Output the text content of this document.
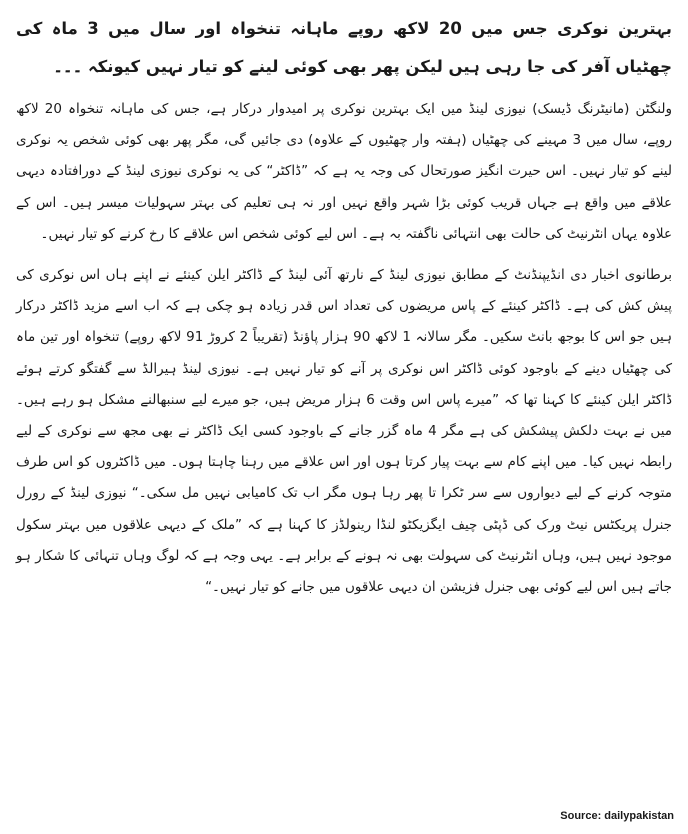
بہترین نوکری جس میں 20 لاکھ روپے ماہانہ تنخواہ اور سال میں 3 ماہ کی چھٹیاں آفر کی جا رہی ہیں لیکن پھر بھی کوئی لینے کو تیار نہیں کیونکہ ۔۔۔

ولنگٹن (مانیٹرنگ ڈیسک) نیوزی لینڈ میں ایک بہترین نوکری پر امیدوار درکار ہے، جس کی ماہانہ تنخواہ 20 لاکھ روپے، سال میں 3 مہینے کی چھٹیاں (ہفتہ وار چھٹیوں کے علاوہ) دی جائیں گی، مگر پھر بھی کوئی شخص یہ نوکری لینے کو تیار نہیں۔ اس حیرت انگیز صورتحال کی وجہ یہ ہے کہ ”ڈاکٹر“ کی یہ نوکری نیوزی لینڈ کے دورافتادہ دیہی علاقے میں واقع ہے جہاں قریب کوئی بڑا شہر واقع نہیں اور نہ ہی تعلیم کی بہتر سہولیات میسر ہیں۔ اس کے علاوہ یہاں انٹرنیٹ کی حالت بھی انتہائی ناگفتہ بہ ہے۔ اس لیے کوئی شخص اس علاقے کا رخ کرنے کو تیار نہیں۔

برطانوی اخبار دی انڈیپنڈنٹ کے مطابق نیوزی لینڈ کے نارتھ آئی لینڈ کے ڈاکٹر ایلن کینئے نے اپنے ہاں اس نوکری کی پیش کش کی ہے۔ ڈاکٹر کینئے کے پاس مریضوں کی تعداد اس قدر زیادہ ہو چکی ہے کہ اب اسے مزید ڈاکٹر درکار ہیں جو اس کا بوجھ بانٹ سکیں۔ مگر سالانہ 1 لاکھ 90 ہزار پاؤنڈ (تقریباً 2 کروڑ 91 لاکھ روپے) تنخواہ اور تین ماہ کی چھٹیاں دینے کے باوجود کوئی ڈاکٹر اس نوکری پر آنے کو تیار نہیں ہے۔ نیوزی لینڈ ہیرالڈ سے گفتگو کرتے ہوئے ڈاکٹر ایلن کینئے کا کہنا تھا کہ ”میرے پاس اس وقت 6 ہزار مریض ہیں، جو میرے لیے سنبھالنے مشکل ہو رہے ہیں۔ میں نے بہت دلکش پیشکش کی ہے مگر 4 ماہ گزر جانے کے باوجود کسی ایک ڈاکٹر نے بھی مجھ سے نوکری کے لیے رابطہ نہیں کیا۔ میں اپنے کام سے بہت پیار کرتا ہوں اور اس علاقے میں رہنا چاہتا ہوں۔ میں ڈاکٹروں کو اس طرف متوجہ کرنے کے لیے دیواروں سے سر ٹکرا تا پھر رہا ہوں مگر اب تک کامیابی نہیں مل سکی۔“ نیوزی لینڈ کے رورل جنرل پریکٹس نیٹ ورک کی ڈپٹی چیف ایگزیکٹو لنڈا رینولڈز کا کہنا ہے کہ ”ملک کے دیہی علاقوں میں بہتر سکول موجود نہیں ہیں، وہاں انٹرنیٹ کی سہولت بھی نہ ہونے کے برابر ہے۔ یہی وجہ ہے کہ لوگ وہاں تنہائی کا شکار ہو جاتے ہیں اس لیے کوئی بھی جنرل فزیشن ان دیہی علاقوں میں جانے کو تیار نہیں۔“

Source: dailypakistan
